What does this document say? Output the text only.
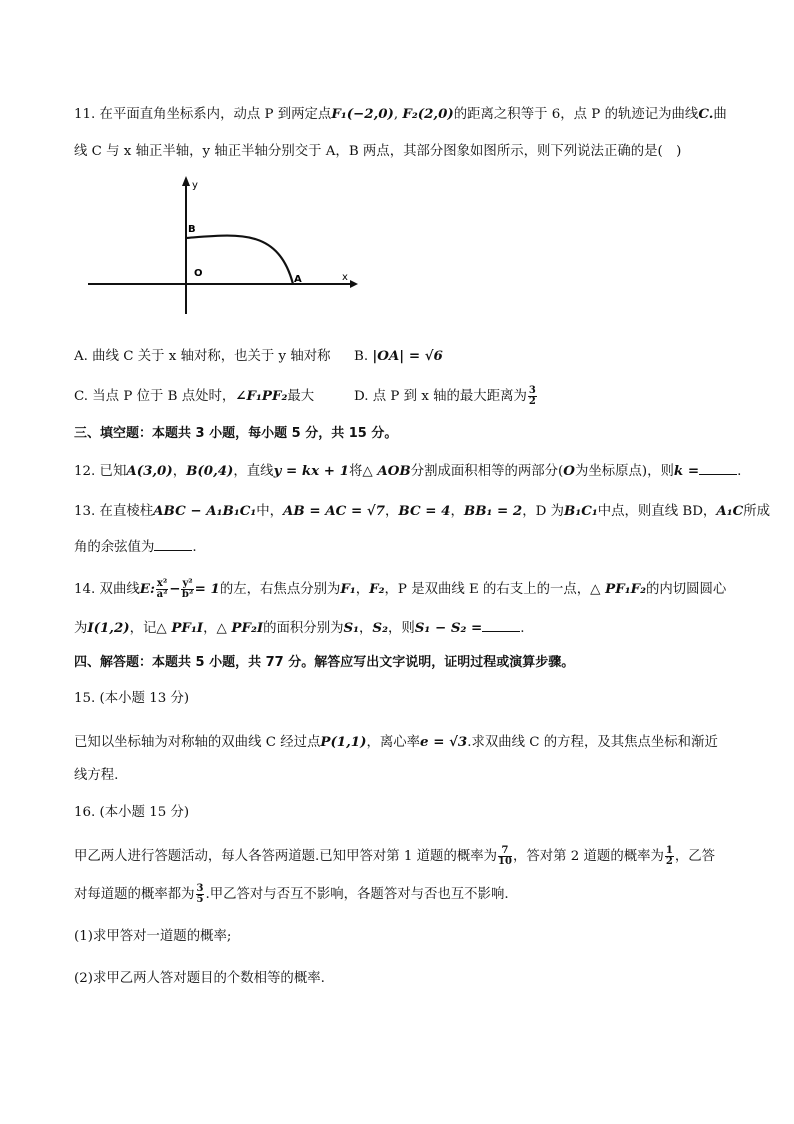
11. 在平面直角坐标系内，动点 P 到两定点F₁(−2,0), F₂(2,0)的距离之积等于 6，点 P 的轨迹记为曲线C.曲
线 C 与 x 轴正半轴，y 轴正半轴分别交于 A，B 两点，其部分图象如图所示，则下列说法正确的是(　)
y
x
B
O
A
A. 曲线 C 关于 x 轴对称，也关于 y 轴对称 B. |OA| = √6
C. 当点 P 位于 B 点处时，∠F₁PF₂最大	D. 点 P 到 x 轴的最大距离为 $\frac{3}{2}$
三、填空题：本题共 3 小题，每小题 5 分，共 15 分。
12. 已知A(3,0)，B(0,4)，直线y = kx + 1将△ AOB分割成面积相等的两部分(O为坐标原点)，则k =	.
13. 在直棱柱ABC − A₁B₁C₁中，AB = AC = √7，BC = 4，BB₁ = 2，D 为B₁C₁中点，则直线 BD，A₁C所成
角的余弦值为	.
14. 双曲线E: $\frac{\text{x²}}{\text{a²}} - \frac{\text{y²}}{\text{b²}} = 1$的左，右焦点分别为F₁，F₂，P 是双曲线 E 的右支上的一点，△ PF₁F₂的内切圆圆心
为I(1,2)，记△ PF₁I，△ PF₂I的面积分别为S₁，S₂，则S₁ − S₂ =	.
四、解答题：本题共 5 小题，共 77 分。解答应写出文字说明，证明过程或演算步骤。
15. (本小题 13 分)
已知以坐标轴为对称轴的双曲线 C 经过点P(1,1)，离心率e = √3.求双曲线 C 的方程，及其焦点坐标和渐近
线方程.
16. (本小题 15 分)
甲乙两人进行答题活动，每人各答两道题.已知甲答对第 1 道题的概率为 $\frac{7}{10}$ ，答对第 2 道题的概率为 $\frac{1}{2}$ ，乙答
对每道题的概率都为 $\frac{3}{5}$ .甲乙答对与否互不影响，各题答对与否也互不影响.
(1)求甲答对一道题的概率;
(2)求甲乙两人答对题目的个数相等的概率.
